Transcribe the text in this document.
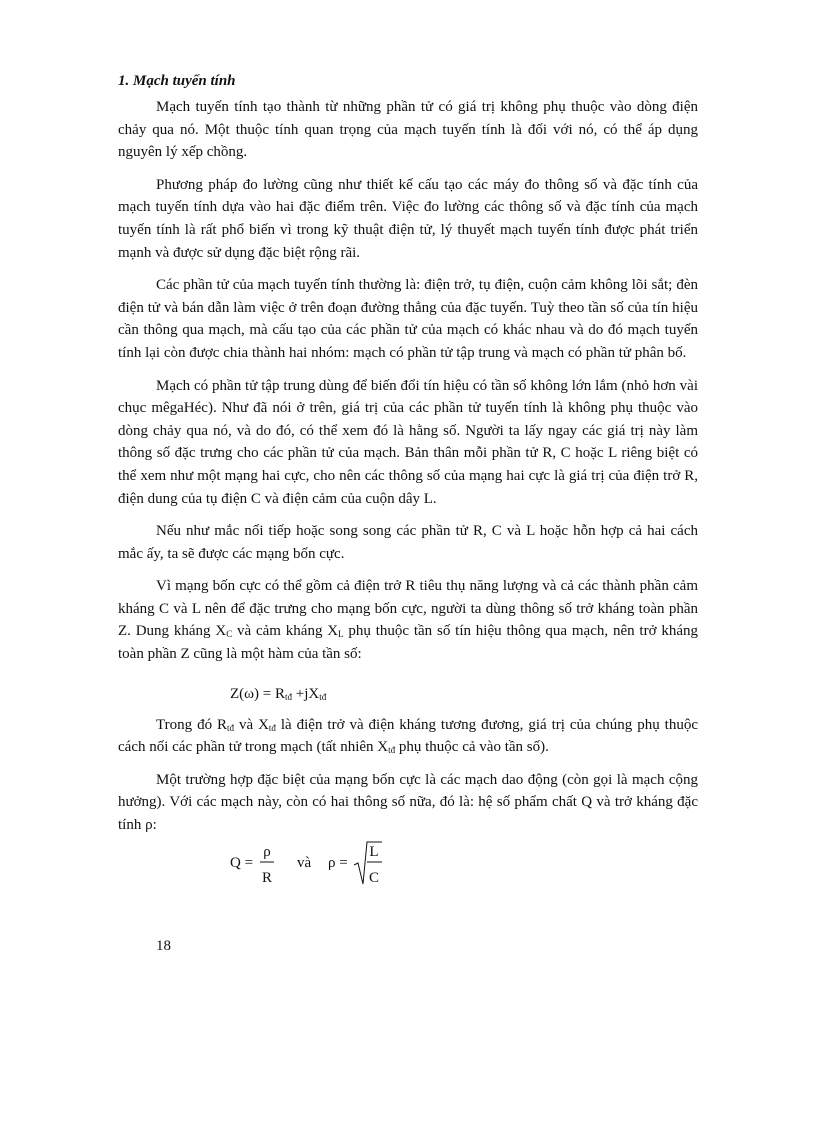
1. Mạch tuyến tính

Mạch tuyến tính tạo thành từ những phần tử có giá trị không phụ thuộc vào dòng điện chảy qua nó. Một thuộc tính quan trọng của mạch tuyến tính là đối với nó, có thể áp dụng nguyên lý xếp chồng.

Phương pháp đo lường cũng như thiết kế cấu tạo các máy đo thông số và đặc tính của mạch tuyến tính dựa vào hai đặc điểm trên. Việc đo lường các thông số và đặc tính của mạch tuyến tính là rất phổ biến vì trong kỹ thuật điện tử, lý thuyết mạch tuyến tính được phát triển mạnh và được sử dụng đặc biệt rộng rãi.

Các phần tử của mạch tuyến tính thường là: điện trở, tụ điện, cuộn cảm không lõi sắt; đèn điện tử và bán dẫn làm việc ở trên đoạn đường thẳng của đặc tuyến. Tuỳ theo tần số của tín hiệu cần thông qua mạch, mà cấu tạo của các phần tử của mạch có khác nhau và do đó mạch tuyến tính lại còn được chia thành hai nhóm: mạch có phần tử tập trung và mạch có phần tử phân bố.

Mạch có phần tử tập trung dùng để biến đổi tín hiệu có tần số không lớn lắm (nhỏ hơn vài chục mêgaHéc). Như đã nói ở trên, giá trị của các phần tử tuyến tính là không phụ thuộc vào dòng chảy qua nó, và do đó, có thể xem đó là hằng số. Người ta lấy ngay các giá trị này làm thông số đặc trưng cho các phần tử của mạch. Bản thân mỗi phần tử R, C hoặc L riêng biệt có thể xem như một mạng hai cực, cho nên các thông số của mạng hai cực là giá trị của điện trở R, điện dung của tụ điện C và điện cảm của cuộn dây L.

Nếu như mắc nối tiếp hoặc song song các phần tử R, C và L hoặc hỗn hợp cả hai cách mắc ấy, ta sẽ được các mạng bốn cực.

Vì mạng bốn cực có thể gồm cả điện trở R tiêu thụ năng lượng và cả các thành phần cảm kháng C và L nên để đặc trưng cho mạng bốn cực, người ta dùng thông số trở kháng toàn phần Z. Dung kháng $X_C$ và cảm kháng $X_L$ phụ thuộc tần số tín hiệu thông qua mạch, nên trở kháng toàn phần Z cũng là một hàm của tần số:

Trong đó $R_{tđ}$ và $X_{tđ}$ là điện trở và điện kháng tương đương, giá trị của chúng phụ thuộc cách nối các phần tử trong mạch (tất nhiên $X_{tđ}$ phụ thuộc cả vào tần số).

Một trường hợp đặc biệt của mạng bốn cực là các mạch dao động (còn gọi là mạch cộng hưởng). Với các mạch này, còn có hai thông số nữa, đó là: hệ số phẩm chất Q và trở kháng đặc tính ρ:

$Z(\omega) = R_{tđ} +jX_{tđ}$
Q =
ρ
R
và ρ =
L
C
18
